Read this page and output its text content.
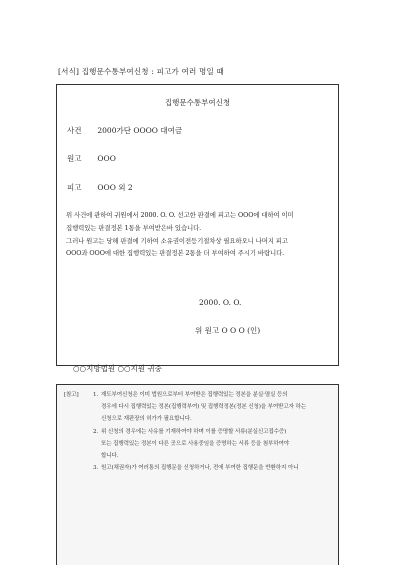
[서식] 집행문수통부여신청 : 피고가 여러 명일 때
집행문수통부여신청
사건 2000가단 OOOO 대여금
원고 OOO
피고 OOO 외 2
위 사건에 관하여 귀원에서 2000. O. O. 선고한 판결에 피고는 OOO에 대하여 이미
집행력있는 판결정본 1통을 부여받은바 있습니다.
그러나 원고는 당해 판결에 기하여 소유권이전등기절차상 필요하오니 나머지 피고
OOO과 OOO에 대한 집행력있는 판결정본 2통을 더 부여하여 주시기 바랍니다.
2000. O. O.
위 원고 O O O (인)
○○지방법원 ○○지원 귀중
[참고]	1. 재도부여신청은 이미 법원으로부터 부여받은 집행력있는 정본을 분실·멸실 등의
경우에 다시 집행력있는 정본(집행력부여) 및 집행력정본(정본 신청)을 부여받고자 하는
신청으로 재판장의 허가가 필요합니다.
2. 위 신청의 경우에는 사유를 기재하여야 하며 이를 증명할 서류(분실신고접수증)
또는 집행력있는 정본이 다른 곳으로 사용중임을 증명하는 서류 등을 첨부하여야
합니다.
3. 원고(채권자)가 여러통의 집행문을 신청하거나, 전에 부여한 집행문을 반환하지 아니
